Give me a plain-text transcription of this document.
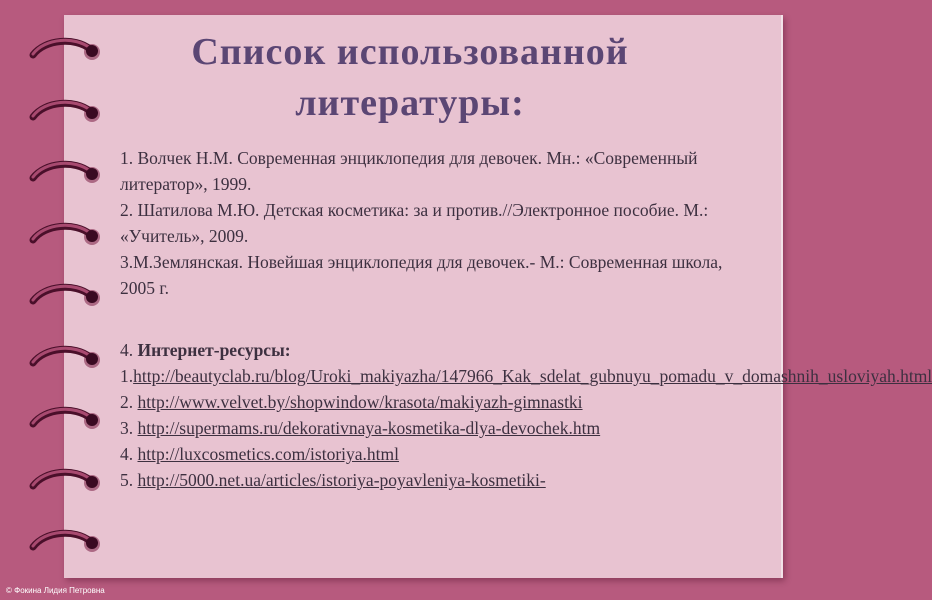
Список использованной
литературы:

1. Волчек Н.М. Современная энциклопедия для девочек. Мн.: «Современный литератор», 1999.

2. Шатилова М.Ю. Детская косметика: за и против.//Электронное пособие. М.: «Учитель», 2009.

3.М.Землянская. Новейшая энциклопедия для девочек.- М.: Современная школа, 2005 г.

4. Интернет-ресурсы:

1.http://beautyclab.ru/blog/Uroki_makiyazha/147966_Kak_sdelat_gubnuyu_pomadu_v_domashnih_usloviyah.html

2. http://www.velvet.by/shopwindow/krasota/makiyazh-gimnastki

3. http://supermams.ru/dekorativnaya-kosmetika-dlya-devochek.htm

4. http://luxcosmetics.com/istoriya.html

5. http://5000.net.ua/articles/istoriya-poyavleniya-kosmetiki-

© Фокина Лидия Петровна
